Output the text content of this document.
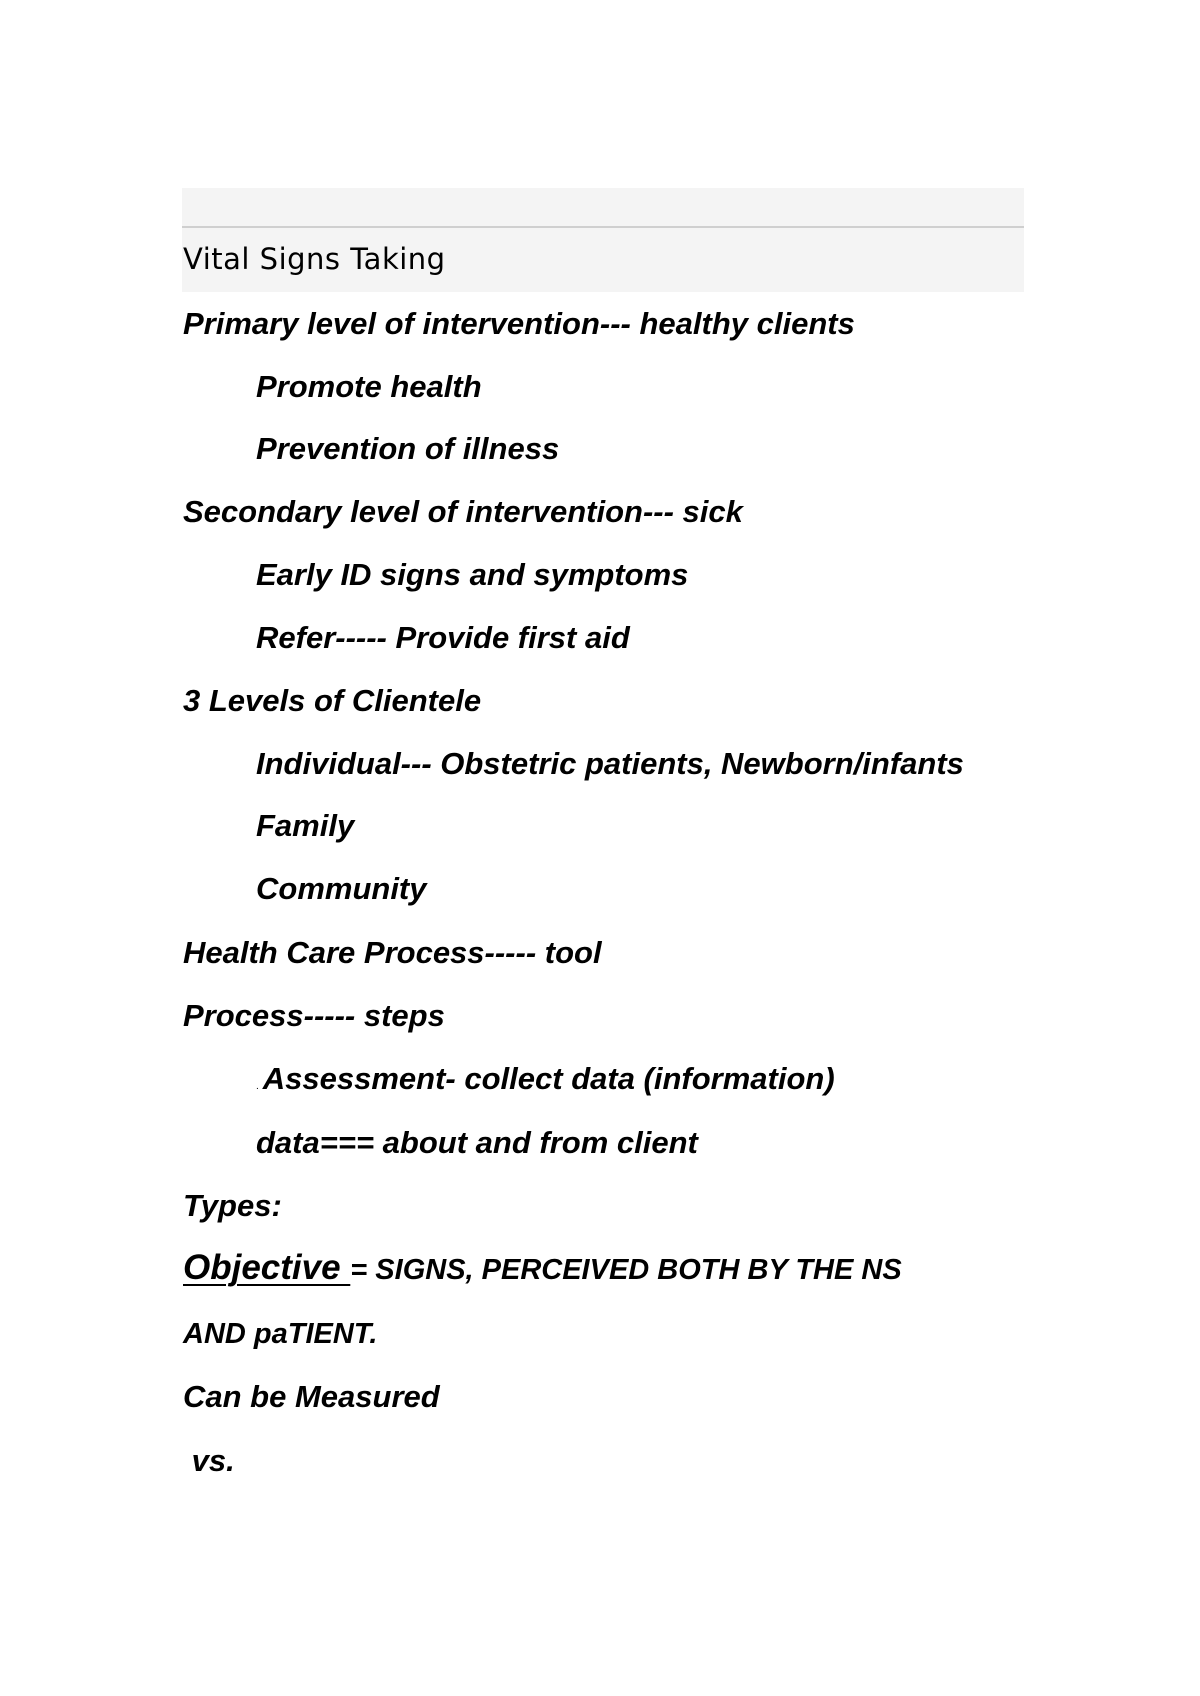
Vital Signs Taking
Primary level of intervention--- healthy clients
Promote health
Prevention of illness
Secondary level of intervention--- sick
Early ID signs and symptoms
Refer----- Provide first aid
3 Levels of Clientele
Individual--- Obstetric patients, Newborn/infants
Family
Community
Health Care Process----- tool
Process----- steps
. Assessment- collect data (information)
data=== about and from client
Types:
Objective = SIGNS, PERCEIVED BOTH BY THE NS
AND paTIENT.
Can be Measured
vs.
